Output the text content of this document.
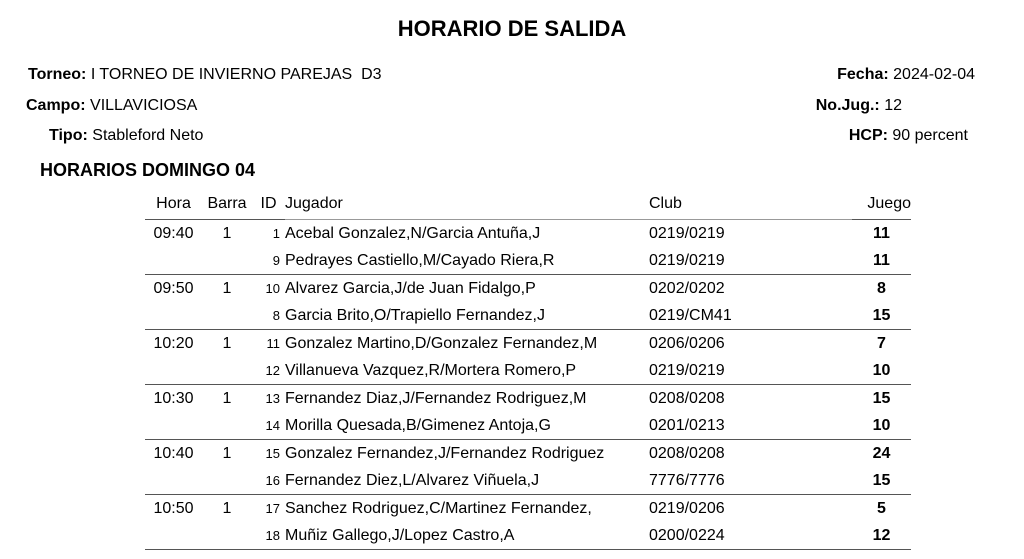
HORARIO DE SALIDA
Torneo: I TORNEO DE INVIERNO PAREJAS  D3
Campo: VILLAVICIOSA
Tipo: Stableford Neto
Fecha: 2024-02-04
No.Jug.: 12
HCP: 90 percent
HORARIOS DOMINGO 04
Hora	Barra	ID	Jugador	Club	Juego
09:40	1	1	Acebal Gonzalez,N/Garcia Antuña,J	0219/0219	11
		9	Pedrayes Castiello,M/Cayado Riera,R	0219/0219	11
09:50	1	10	Alvarez Garcia,J/de Juan Fidalgo,P	0202/0202	8
		8	Garcia Brito,O/Trapiello Fernandez,J	0219/CM41	15
10:20	1	11	Gonzalez Martino,D/Gonzalez Fernandez,M	0206/0206	7
		12	Villanueva Vazquez,R/Mortera Romero,P	0219/0219	10
10:30	1	13	Fernandez Diaz,J/Fernandez Rodriguez,M	0208/0208	15
		14	Morilla Quesada,B/Gimenez Antoja,G	0201/0213	10
10:40	1	15	Gonzalez Fernandez,J/Fernandez Rodriguez	0208/0208	24
		16	Fernandez Diez,L/Alvarez Viñuela,J	7776/7776	15
10:50	1	17	Sanchez Rodriguez,C/Martinez Fernandez,	0219/0206	5
		18	Muñiz Gallego,J/Lopez Castro,A	0200/0224	12
